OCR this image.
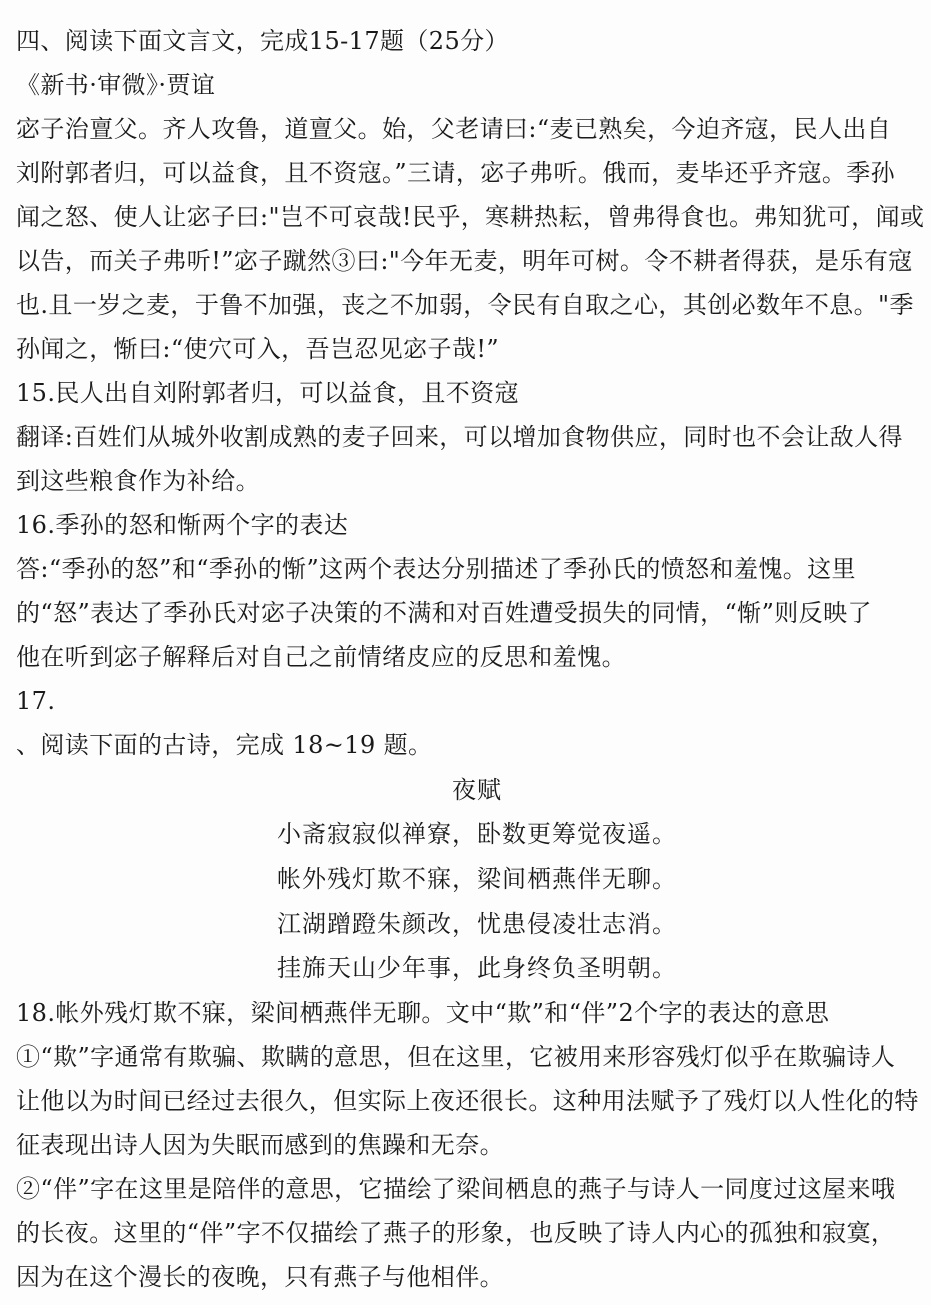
四、阅读下面文言文，完成15-17题（25分）
《新书·审微》·贾谊
宓子治亶父。齐人攻鲁，道亶父。始，父老请曰:“麦已熟矣，今迫齐寇，民人出自
刘附郭者归，可以益食，且不资寇。”三请，宓子弗听。俄而，麦毕还乎齐寇。季孙
闻之怒、使人让宓子曰:"岂不可哀哉!民乎，寒耕热耘，曾弗得食也。弗知犹可，闻或
以告，而关子弗听!”宓子蹴然③曰:"今年无麦，明年可树。令不耕者得获，是乐有寇
也.且一岁之麦，于鲁不加强，丧之不加弱，令民有自取之心，其创必数年不息。"季
孙闻之，惭曰:“使穴可入，吾岂忍见宓子哉!”
15.民人出自刘附郭者归，可以益食，且不资寇
翻译:百姓们从城外收割成熟的麦子回来，可以增加食物供应，同时也不会让敌人得
到这些粮食作为补给。
16.季孙的怒和惭两个字的表达
答:“季孙的怒”和“季孙的惭”这两个表达分别描述了季孙氏的愤怒和羞愧。这里
的“怒”表达了季孙氏对宓子决策的不满和对百姓遭受损失的同情，“惭”则反映了
他在听到宓子解释后对自己之前情绪皮应的反思和羞愧。
17.
、阅读下面的古诗，完成 18~19 题。
夜赋
小斋寂寂似禅寮，卧数更筹觉夜遥。
帐外残灯欺不寐，梁间栖燕伴无聊。
江湖蹭蹬朱颜改，忧患侵凌壮志消。
挂旆天山少年事，此身终负圣明朝。
18.帐外残灯欺不寐，梁间栖燕伴无聊。文中“欺”和“伴”2个字的表达的意思
①“欺”字通常有欺骗、欺瞒的意思，但在这里，它被用来形容残灯似乎在欺骗诗人
让他以为时间已经过去很久，但实际上夜还很长。这种用法赋予了残灯以人性化的特
征表现出诗人因为失眠而感到的焦躁和无奈。
②“伴”字在这里是陪伴的意思，它描绘了梁间栖息的燕子与诗人一同度过这屋来哦
的长夜。这里的“伴”字不仅描绘了燕子的形象，也反映了诗人内心的孤独和寂寞，
因为在这个漫长的夜晚，只有燕子与他相伴。
